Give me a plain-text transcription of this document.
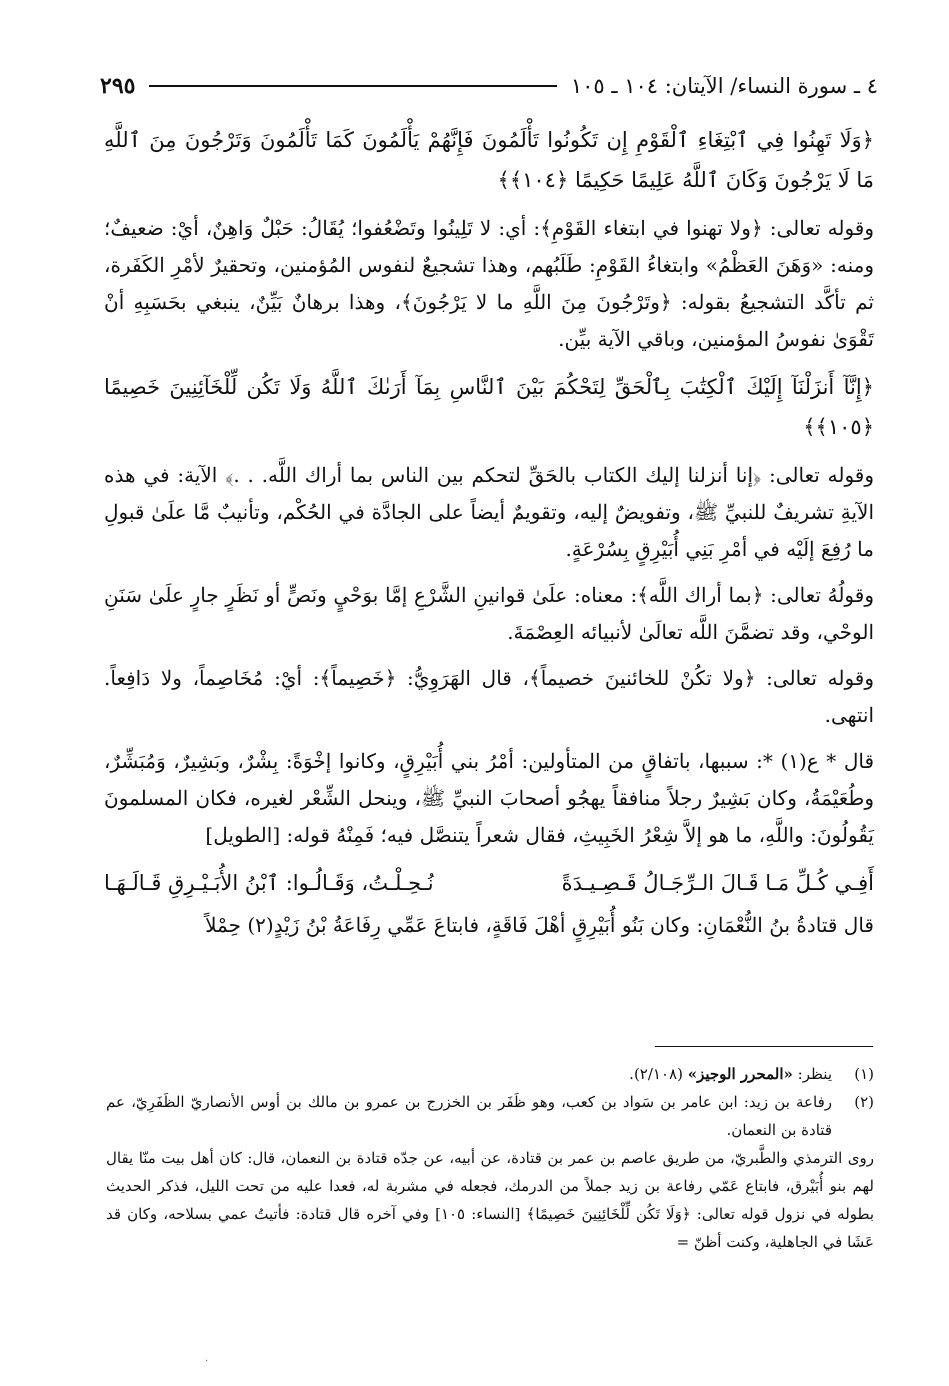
٤ ـ سورة النساء/ الآيتان: ١٠٤ ـ ١٠٥
٢٩٥

﴿وَلَا تَهِنُوا فِي ٱبْتِغَاءِ ٱلْقَوْمِ إِن تَكُونُوا تَأْلَمُونَ فَإِنَّهُمْ يَأْلَمُونَ كَمَا تَأْلَمُونَ وَتَرْجُونَ مِنَ ٱللَّهِ مَا لَا يَرْجُونَ وَكَانَ ٱللَّهُ عَلِيمًا حَكِيمًا ﴿١٠٤﴾﴾

وقوله تعالى: ﴿ولا تهنوا في ابتغاء القَوْمِ﴾: أي: لا تَلِينُوا وتَضْعُفوا؛ يُقَالُ: حَبْلٌ وَاهِنٌ، أيْ: ضعيفٌ؛ ومنه: «وَهَنَ العَظْمُ» وابتغاءُ القَوْمِ: طَلَبُهم، وهذا تشجيعٌ لنفوس المُؤمنين، وتحقيرٌ لأمْرِ الكَفَرة، ثم تأكَّد التشجيعُ بقوله: ﴿وتَرْجُونَ مِنَ اللَّهِ ما لا يَرْجُونَ﴾، وهذا برهانٌ بَيِّنٌ، ينبغي بحَسَبِهِ أنْ تَقْوَىٰ نفوسُ المؤمنين، وباقي الآية بيِّن.

﴿إِنَّآ أَنزَلْنَآ إِلَيْكَ ٱلْكِتَٰبَ بِٱلْحَقِّ لِتَحْكُمَ بَيْنَ ٱلنَّاسِ بِمَآ أَرَىٰكَ ٱللَّهُ وَلَا تَكُن لِّلْخَآئِنِينَ خَصِيمًا ﴿١٠٥﴾﴾

وقوله تعالى: ﴿إنا أنزلنا إليك الكتاب بالحَقِّ لتحكم بين الناس بما أراك اللَّه. . .﴾ الآية: في هذه الآيةِ تشريفٌ للنبيِّ ﷺ، وتفويضٌ إليه، وتقويمٌ أيضاً على الجادَّة في الحُكْم، وتأنيبٌ مَّا علَىٰ قبولِ ما رُفِعَ إلَيْه في أمْرِ بَنِي أُبَيْرِقٍ بِسُرْعَةٍ.

وقولُهُ تعالى: ﴿بما أراك اللَّه﴾: معناه: علَىٰ قوانينِ الشَّرْعِ إمَّا بوَحْيٍ ونَصٍّ أو نَظَرٍ جارٍ علَىٰ سَنَنِ الوحْي، وقد تضمَّنَ اللَّه تعالَىٰ لأنبيائه العِصْمَةَ.

وقوله تعالى: ﴿ولا تكُنْ للخائنينَ خصيماً﴾، قال الهَرَوِيُّ: ﴿خَصِيماً﴾: أيْ: مُخَاصِماً، ولا دَافِعاً. انتهى.

قال * ع(١) *: سببها، باتفاقٍ من المتأولين: أمْرُ بني أُبَيْرِقٍ، وكانوا إخْوَةً: بِشْرٌ، وبَشِيرٌ، وَمُبَشِّرٌ، وطُعَيْمَةُ، وكان بَشِيرٌ رجلاً منافقاً يهجُو أصحابَ النبيِّ ﷺ، وينحل الشِّعْر لغيره، فكان المسلمونَ يَقُولُونَ: واللَّهِ، ما هو إلاَّ شِعْرُ الخَبِيثِ، فقال شعراً يتنصَّل فيه؛ فَمِنْهُ قوله: [الطويل]

أَفِـي كُـلِّ مَـا قَـالَ الـرِّجَـالُ قَـصِـيـدَةً
نُـحِـلْـتُ، وَقَـالُـوا: ٱبْنُ الأُبَـيْـرِقِ قَـالَـهَـا

قال قتادةُ بنُ النُّعْمَانِ: وكان بَنُو أُبَيْرِقٍ أهْلَ فَاقَةٍ، فابتاعَ عَمِّي رِفَاعَةُ بْنُ زَيْدٍ(٢) حِمْلاً

(١)
ينظر: «المحرر الوجيز» (٢/١٠٨).
(٢)
رفاعة بن زيد: ابن عامر بن سَواد بن كعب، وهو ظَفَر بن الخزرج بن عمرو بن مالك بن أوس الأنصاريّ الظَفَرِيّ، عم قتادة بن النعمان.
روى الترمذي والطَّبريّ، من طريق عاصم بن عمر بن قتادة، عن أبيه، عن جدّه قتادة بن النعمان، قال: كان أهل بيت منّا يقال لهم بنو أُبَيْرق، فابتاع عَمّي رفاعة بن زيد جملاً من الدرمك، فجعله في مشربة له، فعدا عليه من تحت الليل، فذكر الحديث بطوله في نزول قوله تعالى: ﴿وَلَا تَكُن لِّلْخَائِنِينَ خَصِيمًا﴾ [النساء: ١٠٥] وفي آخره قال قتادة: فأتيتُ عمي بسلاحه، وكان قد عَشَا في الجاهلية، وكنت أظنّ =
·
